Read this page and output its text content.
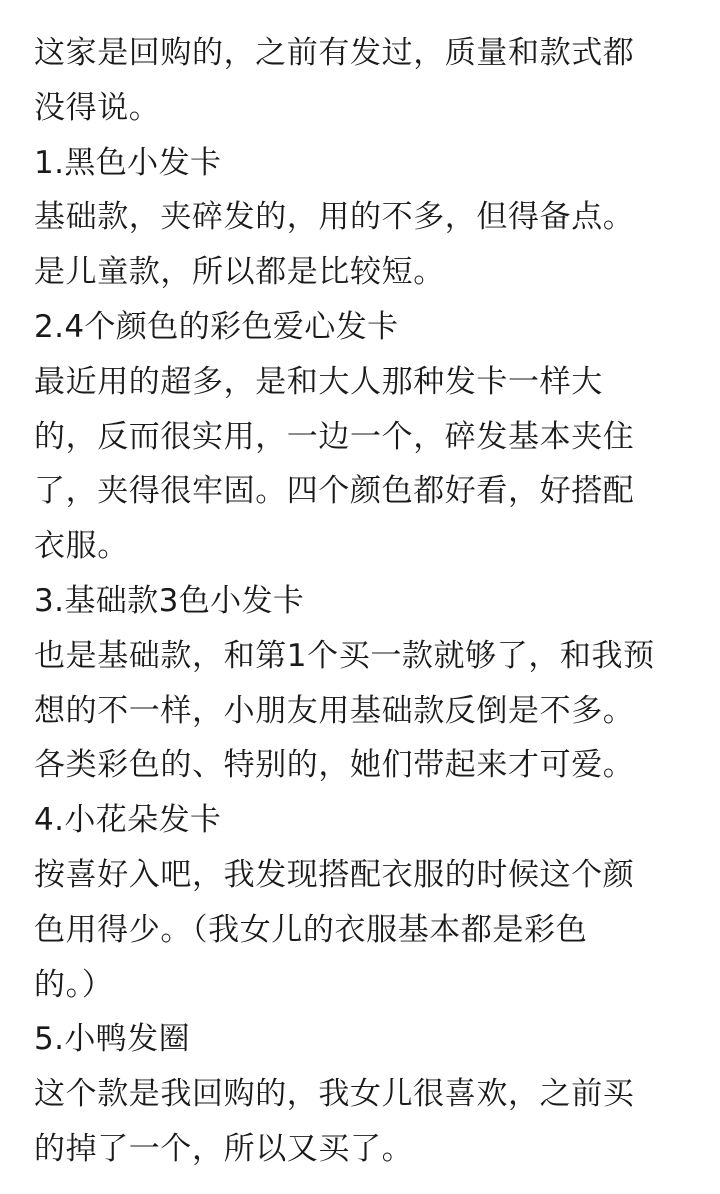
这家是回购的，之前有发过，质量和款式都
没得说。
1.黑色小发卡
基础款，夹碎发的，用的不多，但得备点。
是儿童款，所以都是比较短。
2.4个颜色的彩色爱心发卡
最近用的超多，是和大人那种发卡一样大
的，反而很实用，一边一个，碎发基本夹住
了，夹得很牢固。四个颜色都好看，好搭配
衣服。
3.基础款3色小发卡
也是基础款，和第1个买一款就够了，和我预
想的不一样，小朋友用基础款反倒是不多。
各类彩色的、特别的，她们带起来才可爱。
4.小花朵发卡
按喜好入吧，我发现搭配衣服的时候这个颜
色用得少。（我女儿的衣服基本都是彩色
的。）
5.小鸭发圈
这个款是我回购的，我女儿很喜欢，之前买
的掉了一个，所以又买了。
